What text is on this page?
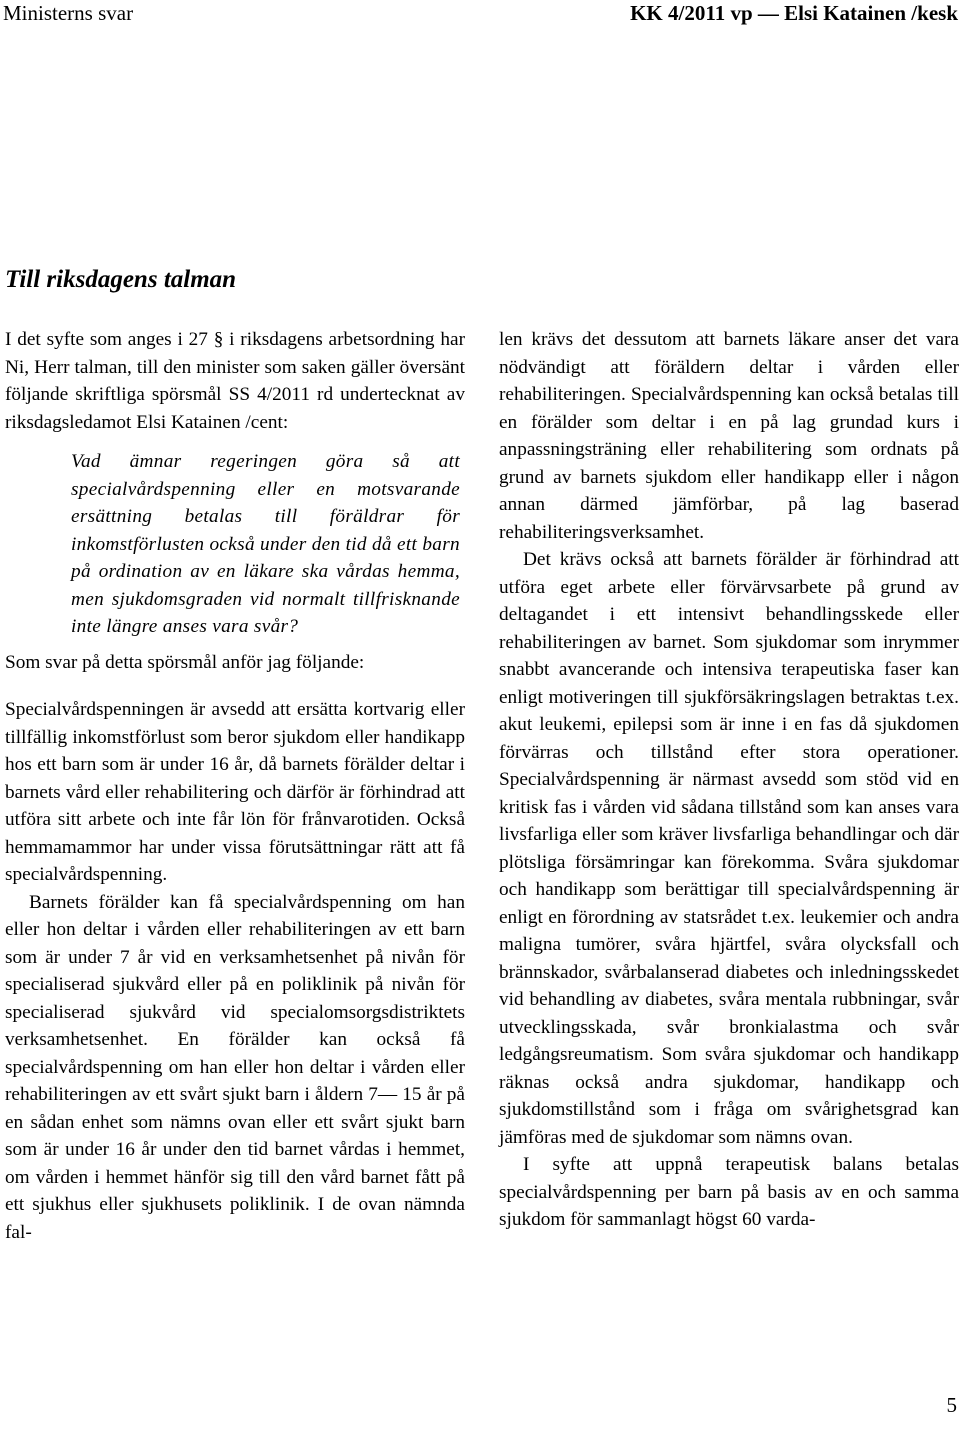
Ministerns svar	KK 4/2011 vp — Elsi Katainen /kesk
Till riksdagens talman

I det syfte som anges i 27 § i riksdagens arbetsordning har Ni, Herr talman, till den minister som saken gäller översänt följande skriftliga spörsmål SS 4/2011 rd undertecknat av riksdagsledamot Elsi Katainen /cent:

Vad ämnar regeringen göra så att specialvårdspenning eller en motsvarande ersättning betalas till föräldrar för inkomstförlusten också under den tid då ett barn på ordination av en läkare ska vårdas hemma, men sjukdomsgraden vid normalt tillfrisknande inte längre anses vara svår?

Som svar på detta spörsmål anför jag följande:

Specialvårdspenningen är avsedd att ersätta kortvarig eller tillfällig inkomstförlust som beror sjukdom eller handikapp hos ett barn som är under 16 år, då barnets förälder deltar i barnets vård eller rehabilitering och därför är förhindrad att utföra sitt arbete och inte får lön för frånvarotiden. Också hemmamammor har under vissa förutsättningar rätt att få specialvårdspenning.

Barnets förälder kan få specialvårdspenning om han eller hon deltar i vården eller rehabiliteringen av ett barn som är under 7 år vid en verksamhetsenhet på nivån för specialiserad sjukvård eller på en poliklinik på nivån för specialiserad sjukvård vid specialomsorgsdistriktets verksamhetsenhet. En förälder kan också få specialvårdspenning om han eller hon deltar i vården eller rehabiliteringen av ett svårt sjukt barn i åldern 7— 15 år på en sådan enhet som nämns ovan eller ett svårt sjukt barn som är under 16 år under den tid barnet vårdas i hemmet, om vården i hemmet hänför sig till den vård barnet fått på ett sjukhus eller sjukhusets poliklinik. I de ovan nämnda fal-

len krävs det dessutom att barnets läkare anser det vara nödvändigt att föräldern deltar i vården eller rehabiliteringen. Specialvårdspenning kan också betalas till en förälder som deltar i en på lag grundad kurs i anpassningsträning eller rehabilitering som ordnats på grund av barnets sjukdom eller handikapp eller i någon annan därmed jämförbar, på lag baserad rehabiliteringsverksamhet.

Det krävs också att barnets förälder är förhindrad att utföra eget arbete eller förvärvsarbete på grund av deltagandet i ett intensivt behandlingsskede eller rehabiliteringen av barnet. Som sjukdomar som inrymmer snabbt avancerande och intensiva terapeutiska faser kan enligt motiveringen till sjukförsäkringslagen betraktas t.ex. akut leukemi, epilepsi som är inne i en fas då sjukdomen förvärras och tillstånd efter stora operationer. Specialvårdspenning är närmast avsedd som stöd vid en kritisk fas i vården vid sådana tillstånd som kan anses vara livsfarliga eller som kräver livsfarliga behandlingar och där plötsliga försämringar kan förekomma. Svåra sjukdomar och handikapp som berättigar till specialvårdspenning är enligt en förordning av statsrådet t.ex. leukemier och andra maligna tumörer, svåra hjärtfel, svåra olycksfall och brännskador, svårbalanserad diabetes och inledningsskedet vid behandling av diabetes, svåra mentala rubbningar, svår utvecklingsskada, svår bronkialastma och svår ledgångsreumatism. Som svåra sjukdomar och handikapp räknas också andra sjukdomar, handikapp och sjukdomstillstånd som i fråga om svårighetsgrad kan jämföras med de sjukdomar som nämns ovan.

I syfte att uppnå terapeutisk balans betalas specialvårdspenning per barn på basis av en och samma sjukdom för sammanlagt högst 60 varda-

5
